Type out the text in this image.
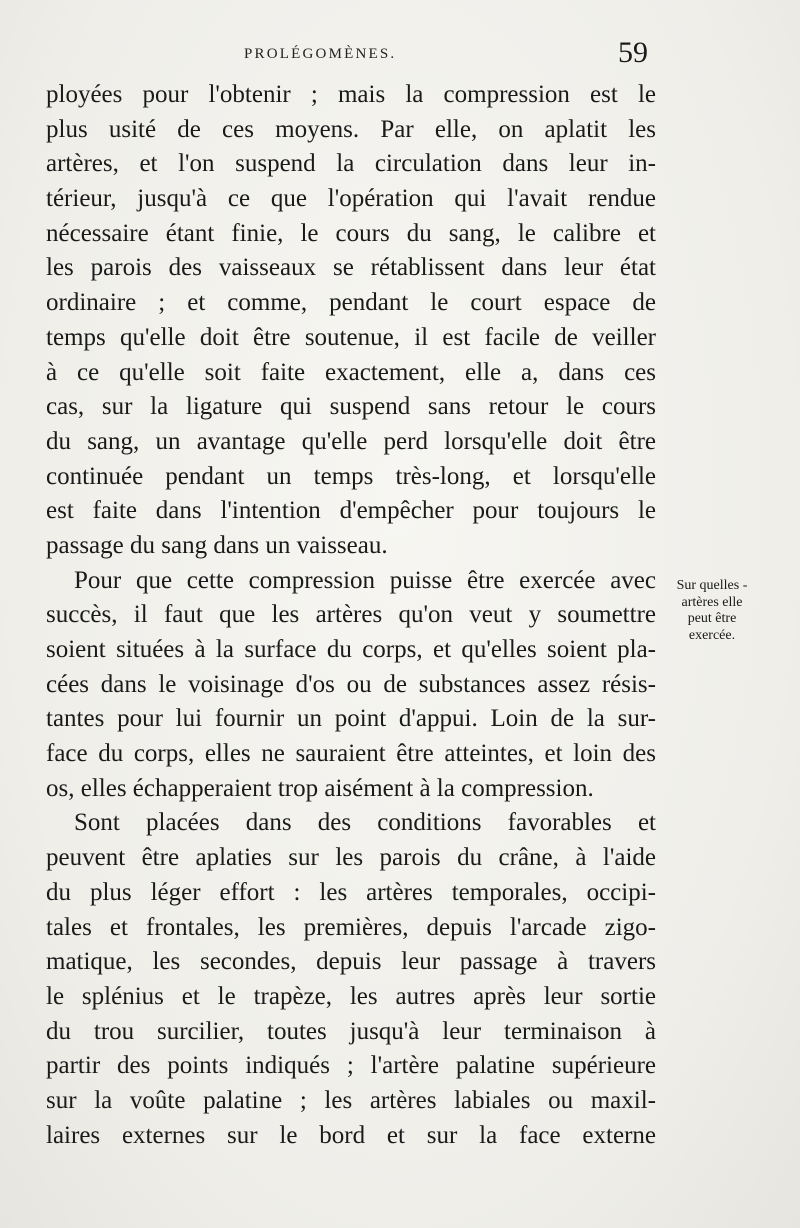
PROLÉGOMÈNES.	59
ployées pour l'obtenir ; mais la compression est le
plus usité de ces moyens. Par elle, on aplatit les
artères, et l'on suspend la circulation dans leur in-
térieur, jusqu'à ce que l'opération qui l'avait rendue
nécessaire étant finie, le cours du sang, le calibre et
les parois des vaisseaux se rétablissent dans leur état
ordinaire ; et comme, pendant le court espace de
temps qu'elle doit être soutenue, il est facile de veiller
à ce qu'elle soit faite exactement, elle a, dans ces
cas, sur la ligature qui suspend sans retour le cours
du sang, un avantage qu'elle perd lorsqu'elle doit être
continuée pendant un temps très-long, et lorsqu'elle
est faite dans l'intention d'empêcher pour toujours le
passage du sang dans un vaisseau.
Pour que cette compression puisse être exercée avec
succès, il faut que les artères qu'on veut y soumettre
soient situées à la surface du corps, et qu'elles soient pla-
cées dans le voisinage d'os ou de substances assez résis-
tantes pour lui fournir un point d'appui. Loin de la sur-
face du corps, elles ne sauraient être atteintes, et loin des
os, elles échapperaient trop aisément à la compression.
Sont placées dans des conditions favorables et
peuvent être aplaties sur les parois du crâne, à l'aide
du plus léger effort : les artères temporales, occipi-
tales et frontales, les premières, depuis l'arcade zigo-
matique, les secondes, depuis leur passage à travers
le splénius et le trapèze, les autres après leur sortie
du trou surcilier, toutes jusqu'à leur terminaison à
partir des points indiqués ; l'artère palatine supérieure
sur la voûte palatine ; les artères labiales ou maxil-
laires externes sur le bord et sur la face externe
Sur quelles -
artères elle
peut être
exercée.
